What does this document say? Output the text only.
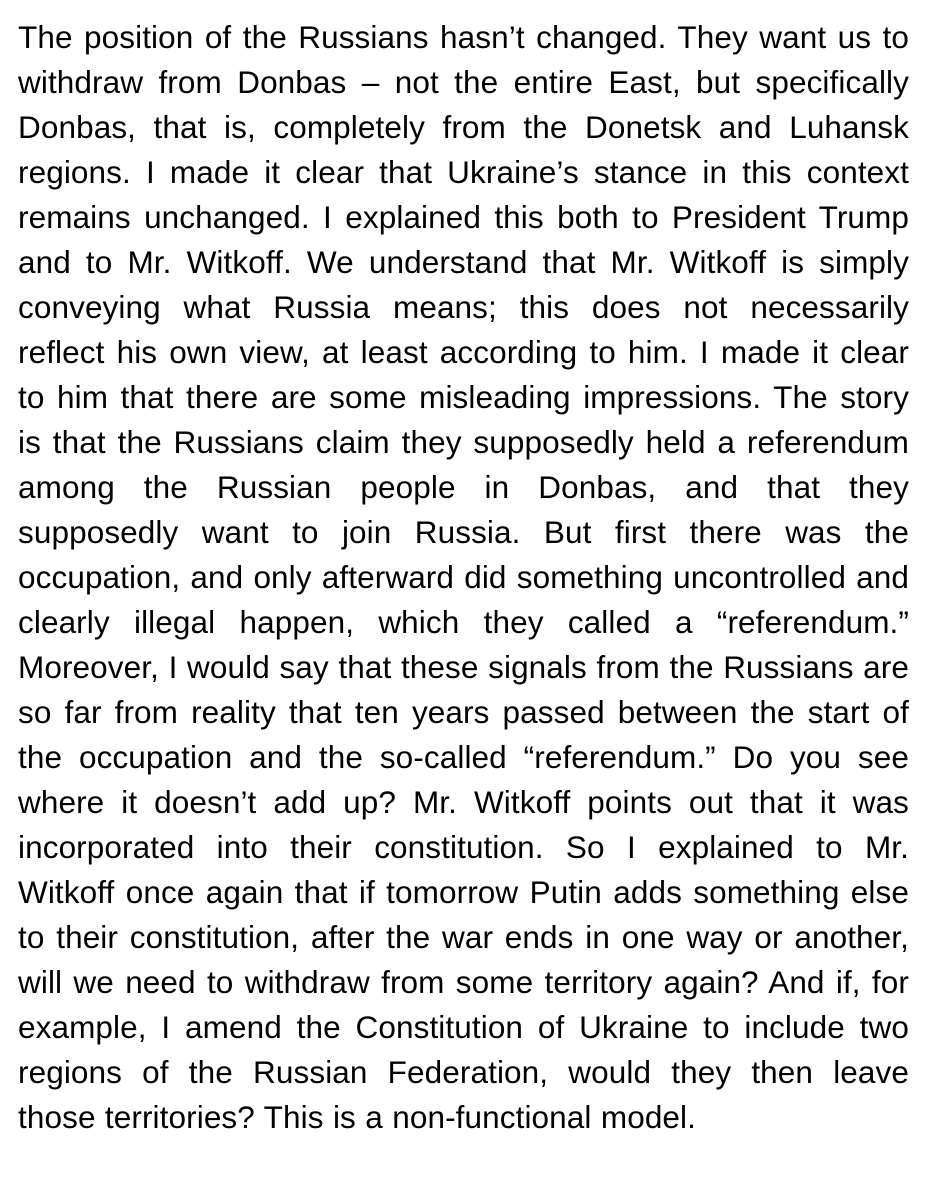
The position of the Russians hasn’t changed. They want us to withdraw from Donbas – not the entire East, but specifically Donbas, that is, completely from the Donetsk and Luhansk regions. I made it clear that Ukraine’s stance in this context remains unchanged. I explained this both to President Trump and to Mr. Witkoff. We understand that Mr. Witkoff is simply conveying what Russia means; this does not necessarily reflect his own view, at least according to him. I made it clear to him that there are some misleading impressions. The story is that the Russians claim they supposedly held a referendum among the Russian people in Donbas, and that they supposedly want to join Russia. But first there was the occupation, and only afterward did something uncontrolled and clearly illegal happen, which they called a “referendum.” Moreover, I would say that these signals from the Russians are so far from reality that ten years passed between the start of the occupation and the so-called “referendum.” Do you see where it doesn’t add up? Mr. Witkoff points out that it was incorporated into their constitution. So I explained to Mr. Witkoff once again that if tomorrow Putin adds something else to their constitution, after the war ends in one way or another, will we need to withdraw from some territory again? And if, for example, I amend the Constitution of Ukraine to include two regions of the Russian Federation, would they then leave those territories? This is a non-functional model.
